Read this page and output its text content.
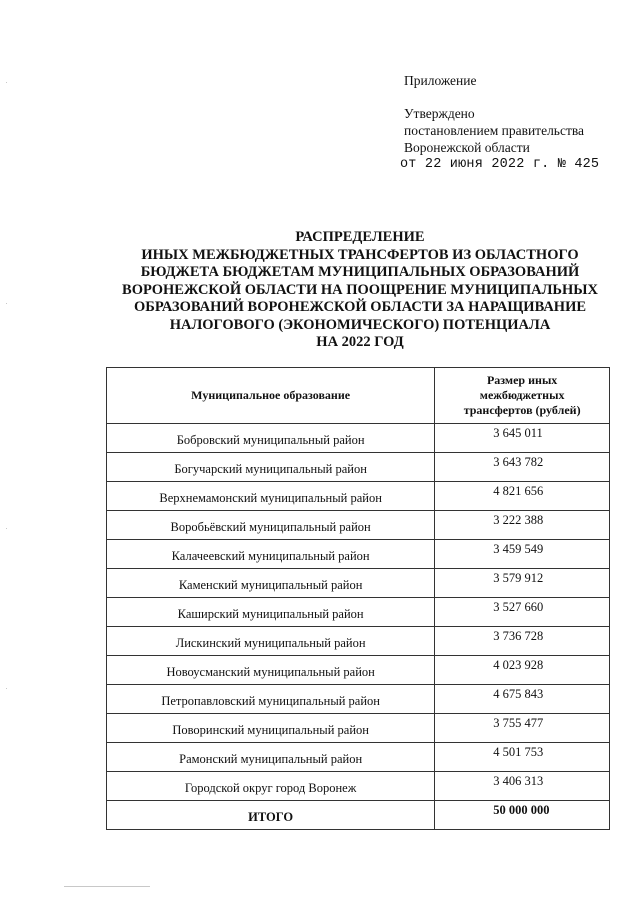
Приложение
Утверждено
постановлением правительства
Воронежской области
от 22 июня 2022 г. № 425
РАСПРЕДЕЛЕНИЕ
ИНЫХ МЕЖБЮДЖЕТНЫХ ТРАНСФЕРТОВ ИЗ ОБЛАСТНОГО
БЮДЖЕТА БЮДЖЕТАМ МУНИЦИПАЛЬНЫХ ОБРАЗОВАНИЙ
ВОРОНЕЖСКОЙ ОБЛАСТИ НА ПООЩРЕНИЕ МУНИЦИПАЛЬНЫХ
ОБРАЗОВАНИЙ ВОРОНЕЖСКОЙ ОБЛАСТИ ЗА НАРАЩИВАНИЕ
НАЛОГОВОГО (ЭКОНОМИЧЕСКОГО) ПОТЕНЦИАЛА
НА 2022 ГОД
Муниципальное образование	Размер иных
межбюджетных
трансфертов (рублей)

Бобровский муниципальный район	3 645 011
Богучарский муниципальный район	3 643 782
Верхнемамонский муниципальный район	4 821 656
Воробьёвский муниципальный район	3 222 388
Калачеевский муниципальный район	3 459 549
Каменский муниципальный район	3 579 912
Каширский муниципальный район	3 527 660
Лискинский муниципальный район	3 736 728
Новоусманский муниципальный район	4 023 928
Петропавловский муниципальный район	4 675 843
Поворинский муниципальный район	3 755 477
Рамонский муниципальный район	4 501 753
Городской округ город Воронеж	3 406 313
ИТОГО	50 000 000
